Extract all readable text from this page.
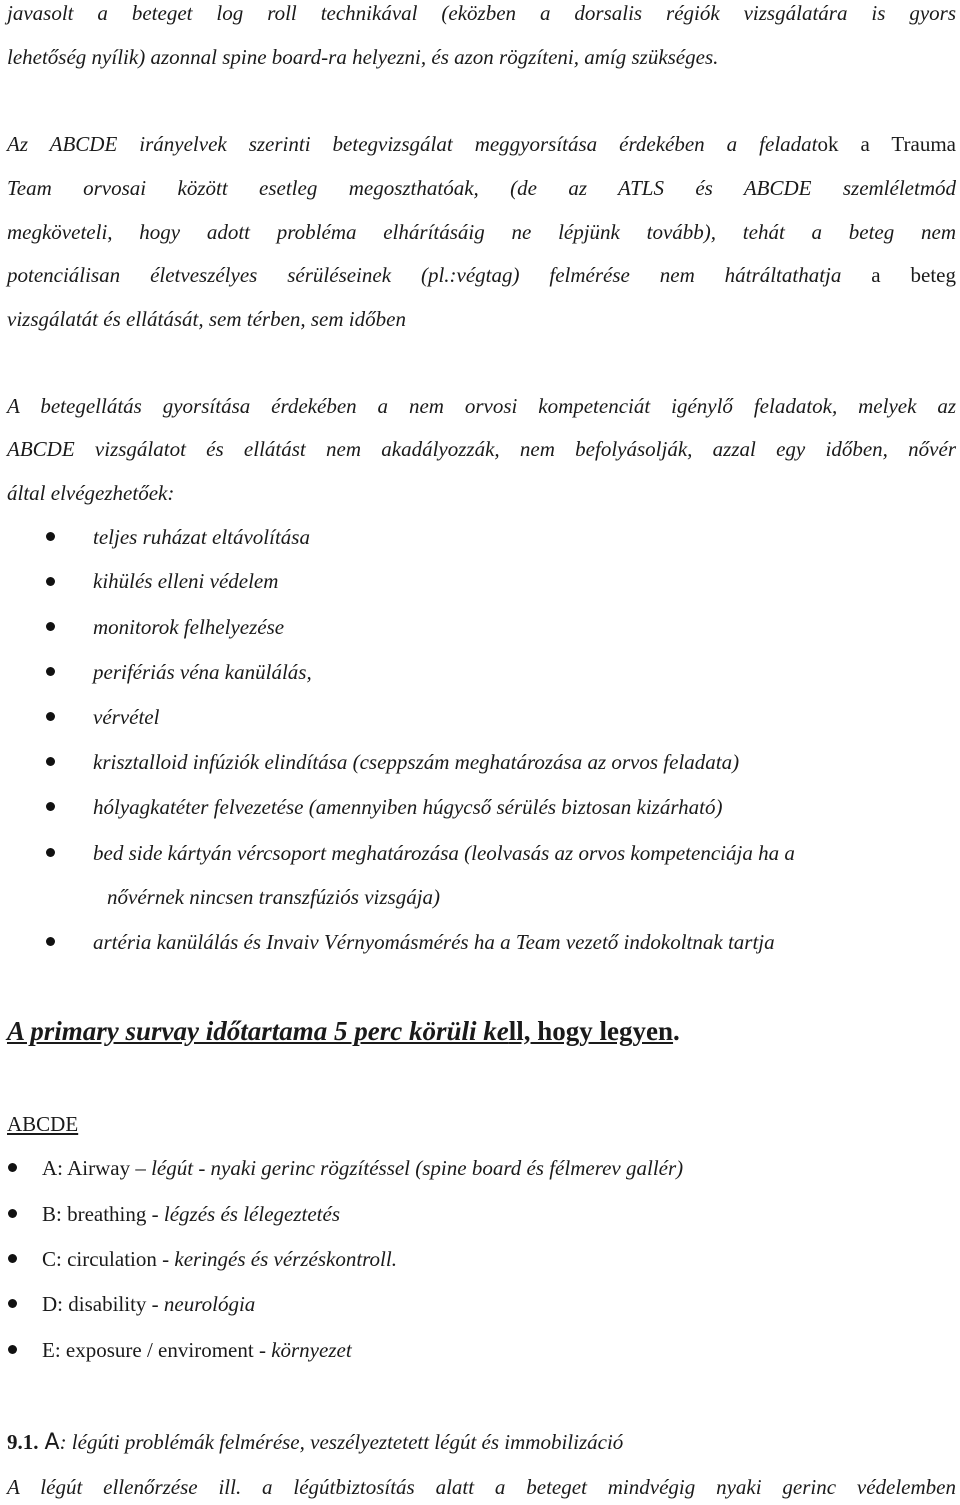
javasolt a beteget log roll technikával (eközben a dorsalis régiók vizsgálatára is gyors
lehetőség nyílik) azonnal spine board-ra helyezni, és azon rögzíteni, amíg szükséges.
Az ABCDE irányelvek szerinti betegvizsgálat meggyorsítása érdekében a feladatok a Trauma
Team orvosai között esetleg megoszthatóak, (de az ATLS és ABCDE szemléletmód
megköveteli, hogy adott probléma elhárításáig ne lépjünk tovább), tehát a beteg nem
potenciálisan életveszélyes sérüléseinek (pl.:végtag) felmérése nem hátráltathatja a beteg
vizsgálatát és ellátását, sem térben, sem időben
A betegellátás gyorsítása érdekében a nem orvosi kompetenciát igénylő feladatok, melyek az
ABCDE vizsgálatot és ellátást nem akadályozzák, nem befolyásolják, azzal egy időben, nővér
által elvégezhetőek:
teljes ruházat eltávolítása
kihülés elleni védelem
monitorok felhelyezése
perifériás véna kanülálás,
vérvétel
krisztalloid infúziók elindítása (cseppszám meghatározása az orvos feladata)
hólyagkatéter felvezetése (amennyiben húgycső sérülés biztosan kizárható)
bed side kártyán vércsoport meghatározása (leolvasás az orvos kompetenciája ha a
nővérnek nincsen transzfúziós vizsgája)
artéria kanülálás és Invaiv Vérnyomásmérés ha a Team vezető indokoltnak tartja
A primary survay időtartama 5 perc körüli kell, hogy legyen.
ABCDE
A: Airway – légút - nyaki gerinc rögzítéssel (spine board és félmerev gallér)
B: breathing - légzés és lélegeztetés
C: circulation - keringés és vérzéskontroll.
D: disability - neurológia
E: exposure / enviroment - környezet
9.1. A: légúti problémák felmérése, veszélyeztetett légút és immobilizáció
A légút ellenőrzése ill. a légútbiztosítás alatt a beteget mindvégig nyaki gerinc védelemben
